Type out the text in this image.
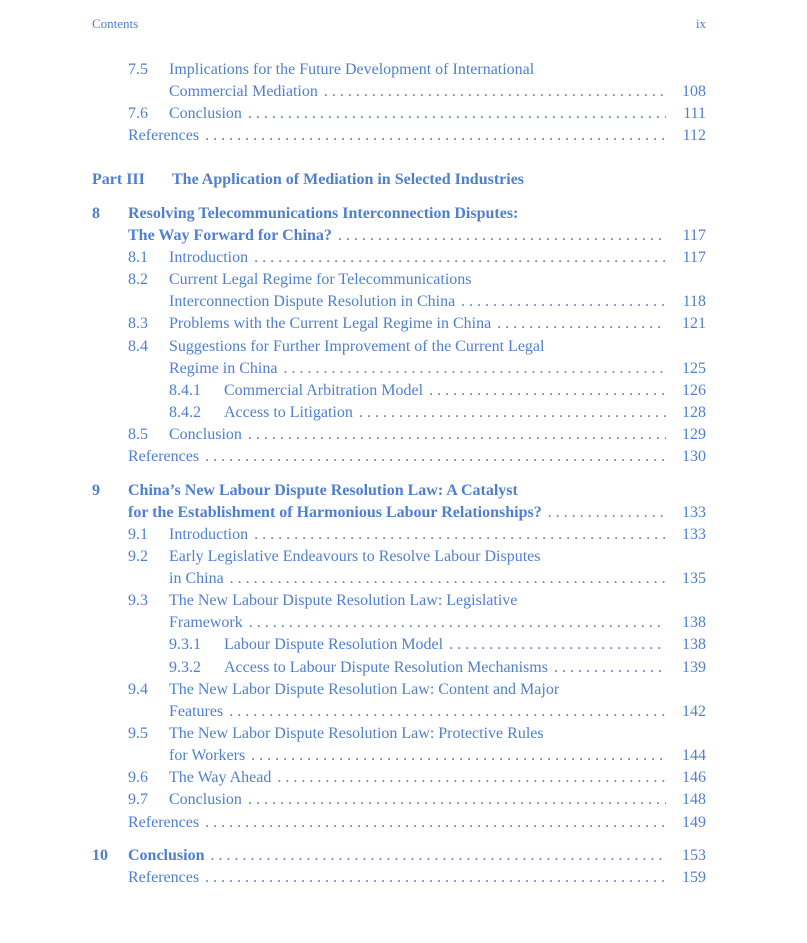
Contents	ix
7.5	Implications for the Future Development of International
Commercial Mediation . . .	108
7.6	Conclusion . . .	111
References . . .	112
Part III The Application of Mediation in Selected Industries
8	Resolving Telecommunications Interconnection Disputes:
The Way Forward for China? . . .	117
8.1	Introduction . . .	117
8.2	Current Legal Regime for Telecommunications
Interconnection Dispute Resolution in China . . .	118
8.3	Problems with the Current Legal Regime in China . . .	121
8.4	Suggestions for Further Improvement of the Current Legal
Regime in China . . .	125
8.4.1	Commercial Arbitration Model . . .	126
8.4.2	Access to Litigation . . .	128
8.5	Conclusion . . .	129
References . . .	130
9	China’s New Labour Dispute Resolution Law: A Catalyst
for the Establishment of Harmonious Labour Relationships? . . .	133
9.1	Introduction . . .	133
9.2	Early Legislative Endeavours to Resolve Labour Disputes
in China . . .	135
9.3	The New Labour Dispute Resolution Law: Legislative
Framework . . .	138
9.3.1	Labour Dispute Resolution Model . . .	138
9.3.2	Access to Labour Dispute Resolution Mechanisms . . .	139
9.4	The New Labor Dispute Resolution Law: Content and Major
Features . . .	142
9.5	The New Labor Dispute Resolution Law: Protective Rules
for Workers . . .	144
9.6	The Way Ahead . . .	146
9.7	Conclusion . . .	148
References . . .	149
10	Conclusion . . .	153
References . . .	159
